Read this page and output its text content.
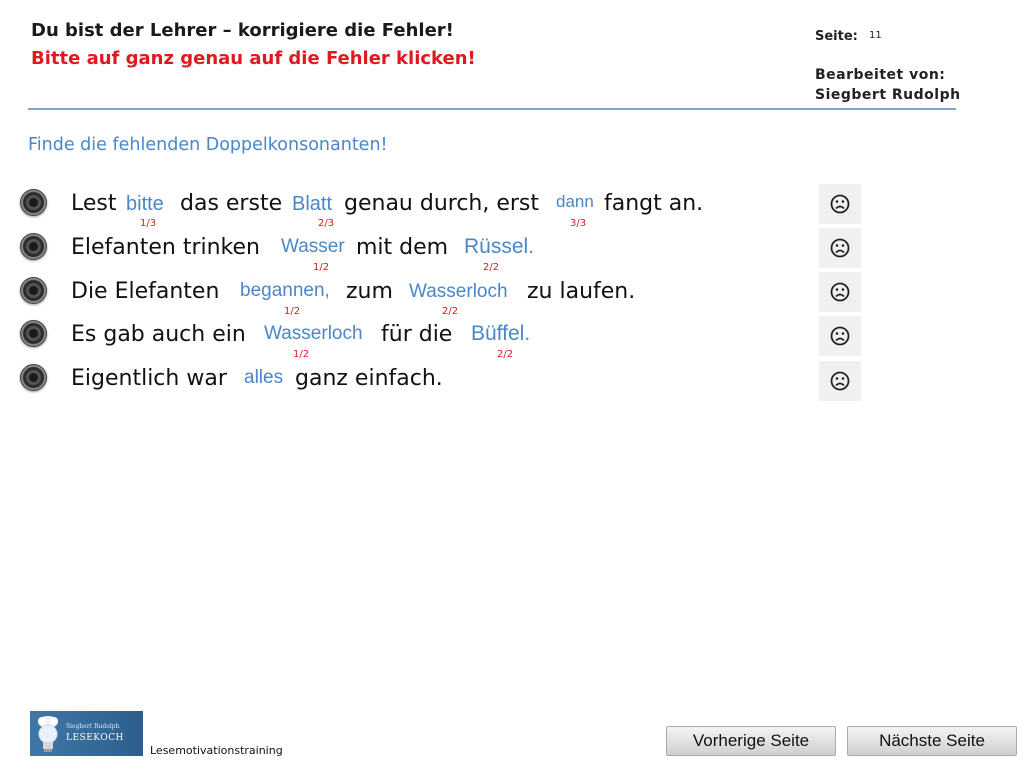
Du bist der Lehrer – korrigiere die Fehler!
Bitte auf ganz genau auf die Fehler klicken!
Seite: 11
Bearbeitet von:
Siegbert Rudolph
Finde die fehlenden Doppelkonsonanten!
Lest bitte
1/3
das erste Blatt
2/3
genau durch, erst dann
3/3
fangt an.
Elefanten trinken Wasser
1/2
mit dem Rüssel.
2/2
Die Elefanten begannen,
1/2
zum Wasserloch
2/2
zu laufen.
Es gab auch ein Wasserloch
1/2
für die Büffel.
2/2
Eigentlich war alles ganz einfach.
Siegbert Rudolph
LESEKOCH
Lesemotivationstraining
Vorherige Seite	Nächste Seite
